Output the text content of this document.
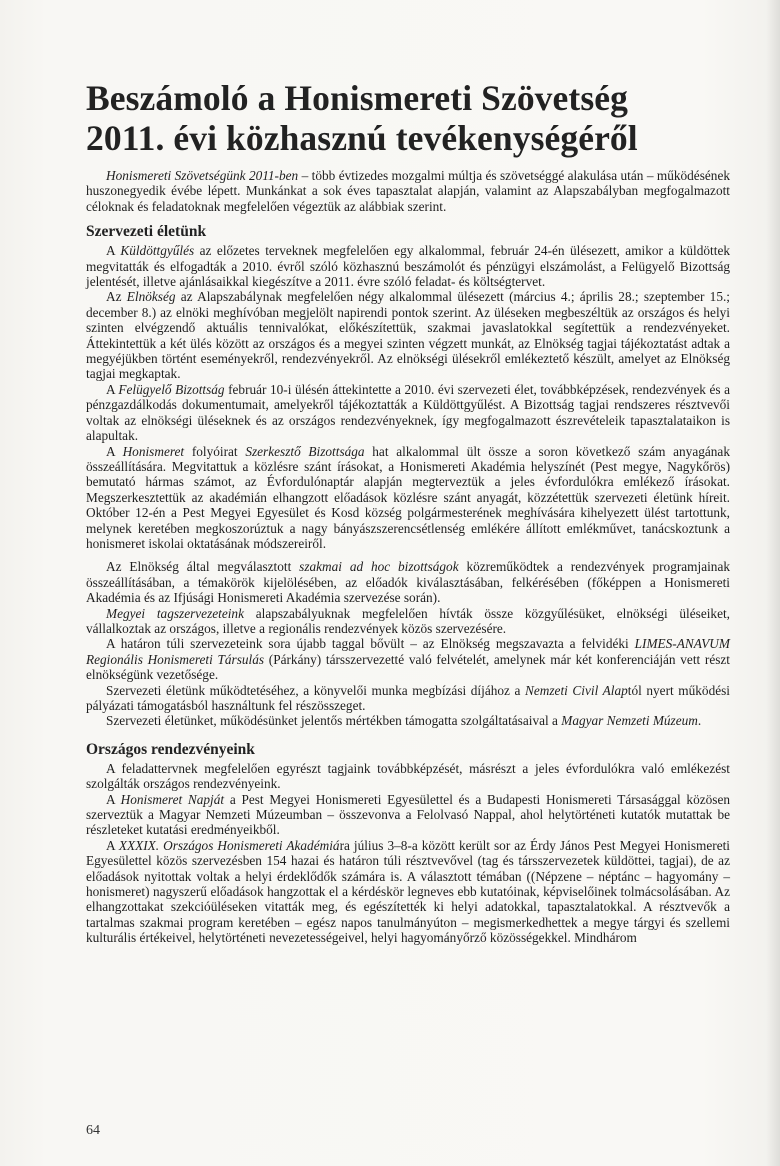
Beszámoló a Honismereti Szövetség
2011. évi közhasznú tevékenységéről

Honismereti Szövetségünk 2011-ben – több évtizedes mozgalmi múltja és szövetséggé alakulása után – működésének huszonegyedik évébe lépett. Munkánkat a sok éves tapasztalat alapján, valamint az Alapszabályban megfogalmazott céloknak és feladatoknak megfelelően végeztük az alábbiak szerint.

Szervezeti életünk

A Küldöttgyűlés az előzetes terveknek megfelelően egy alkalommal, február 24-én ülésezett, amikor a küldöttek megvitatták és elfogadták a 2010. évről szóló közhasznú beszámolót és pénzügyi elszámolást, a Felügyelő Bizottság jelentését, illetve ajánlásaikkal kiegészítve a 2011. évre szóló feladat- és költségtervet.

Az Elnökség az Alapszabálynak megfelelően négy alkalommal ülésezett (március 4.; április 28.; szeptember 15.; december 8.) az elnöki meghívóban megjelölt napirendi pontok szerint. Az üléseken megbeszéltük az országos és helyi szinten elvégzendő aktuális tennivalókat, előkészítettük, szakmai javaslatokkal segítettük a rendezvényeket. Áttekintettük a két ülés között az országos és a megyei szinten végzett munkát, az Elnökség tagjai tájékoztatást adtak a megyéjükben történt eseményekről, rendezvényekről. Az elnökségi ülésekről emlékeztető készült, amelyet az Elnökség tagjai megkaptak.

A Felügyelő Bizottság február 10-i ülésén áttekintette a 2010. évi szervezeti élet, továbbképzések, rendezvények és a pénzgazdálkodás dokumentumait, amelyekről tájékoztatták a Küldöttgyűlést. A Bizottság tagjai rendszeres résztvevői voltak az elnökségi üléseknek és az országos rendezvényeknek, így megfogalmazott észrevételeik tapasztalataikon is alapultak.

A Honismeret folyóirat Szerkesztő Bizottsága hat alkalommal ült össze a soron következő szám anyagának összeállítására. Megvitattuk a közlésre szánt írásokat, a Honismereti Akadémia helyszínét (Pest megye, Nagykőrös) bemutató hármas számot, az Évfordulónaptár alapján megterveztük a jeles évfordulókra emlékező írásokat. Megszerkesztettük az akadémián elhangzott előadások közlésre szánt anyagát, közzétettük szervezeti életünk híreit. Október 12-én a Pest Megyei Egyesület és Kosd község polgármesterének meghívására kihelyezett ülést tartottunk, melynek keretében megkoszorúztuk a nagy bányászszerencsétlenség emlékére állított emlékművet, tanácskoztunk a honismeret iskolai oktatásának módszereiről.

Az Elnökség által megválasztott szakmai ad hoc bizottságok közreműködtek a rendezvények programjainak összeállításában, a témakörök kijelölésében, az előadók kiválasztásában, felkérésében (főképpen a Honismereti Akadémia és az Ifjúsági Honismereti Akadémia szervezése során).

Megyei tagszervezeteink alapszabályuknak megfelelően hívták össze közgyűlésüket, elnökségi üléseiket, vállalkoztak az országos, illetve a regionális rendezvények közös szervezésére.

A határon túli szervezeteink sora újabb taggal bővült – az Elnökség megszavazta a felvidéki LIMES-ANAVUM Regionális Honismereti Társulás (Párkány) társszervezetté való felvételét, amelynek már két konferenciáján vett részt elnökségünk vezetősége.

Szervezeti életünk működtetéséhez, a könyvelői munka megbízási díjához a Nemzeti Civil Alaptól nyert működési pályázati támogatásból használtunk fel részösszeget.

Szervezeti életünket, működésünket jelentős mértékben támogatta szolgáltatásaival a Magyar Nemzeti Múzeum.

Országos rendezvényeink

A feladattervnek megfelelően egyrészt tagjaink továbbképzését, másrészt a jeles évfordulókra való emlékezést szolgálták országos rendezvényeink.

A Honismeret Napját a Pest Megyei Honismereti Egyesülettel és a Budapesti Honismereti Társasággal közösen szerveztük a Magyar Nemzeti Múzeumban – összevonva a Felolvasó Nappal, ahol helytörténeti kutatók mutattak be részleteket kutatási eredményeikből.

A XXXIX. Országos Honismereti Akadémiára július 3–8-a között került sor az Érdy János Pest Megyei Honismereti Egyesülettel közös szervezésben 154 hazai és határon túli résztvevővel (tag és társszervezetek küldöttei, tagjai), de az előadások nyitottak voltak a helyi érdeklődők számára is. A választott témában ((Népzene – néptánc – hagyomány – honismeret) nagyszerű előadások hangzottak el a kérdéskör legneves ebb kutatóinak, képviselőinek tolmácsolásában. Az elhangzottakat szekcióüléseken vitatták meg, és egészítették ki helyi adatokkal, tapasztalatokkal. A résztvevők a tartalmas szakmai program keretében – egész napos tanulmányúton – megismerkedhettek a megye tárgyi és szellemi kulturális értékeivel, helytörténeti nevezetességeivel, helyi hagyományőrző közösségekkel. Mindhárom

64
